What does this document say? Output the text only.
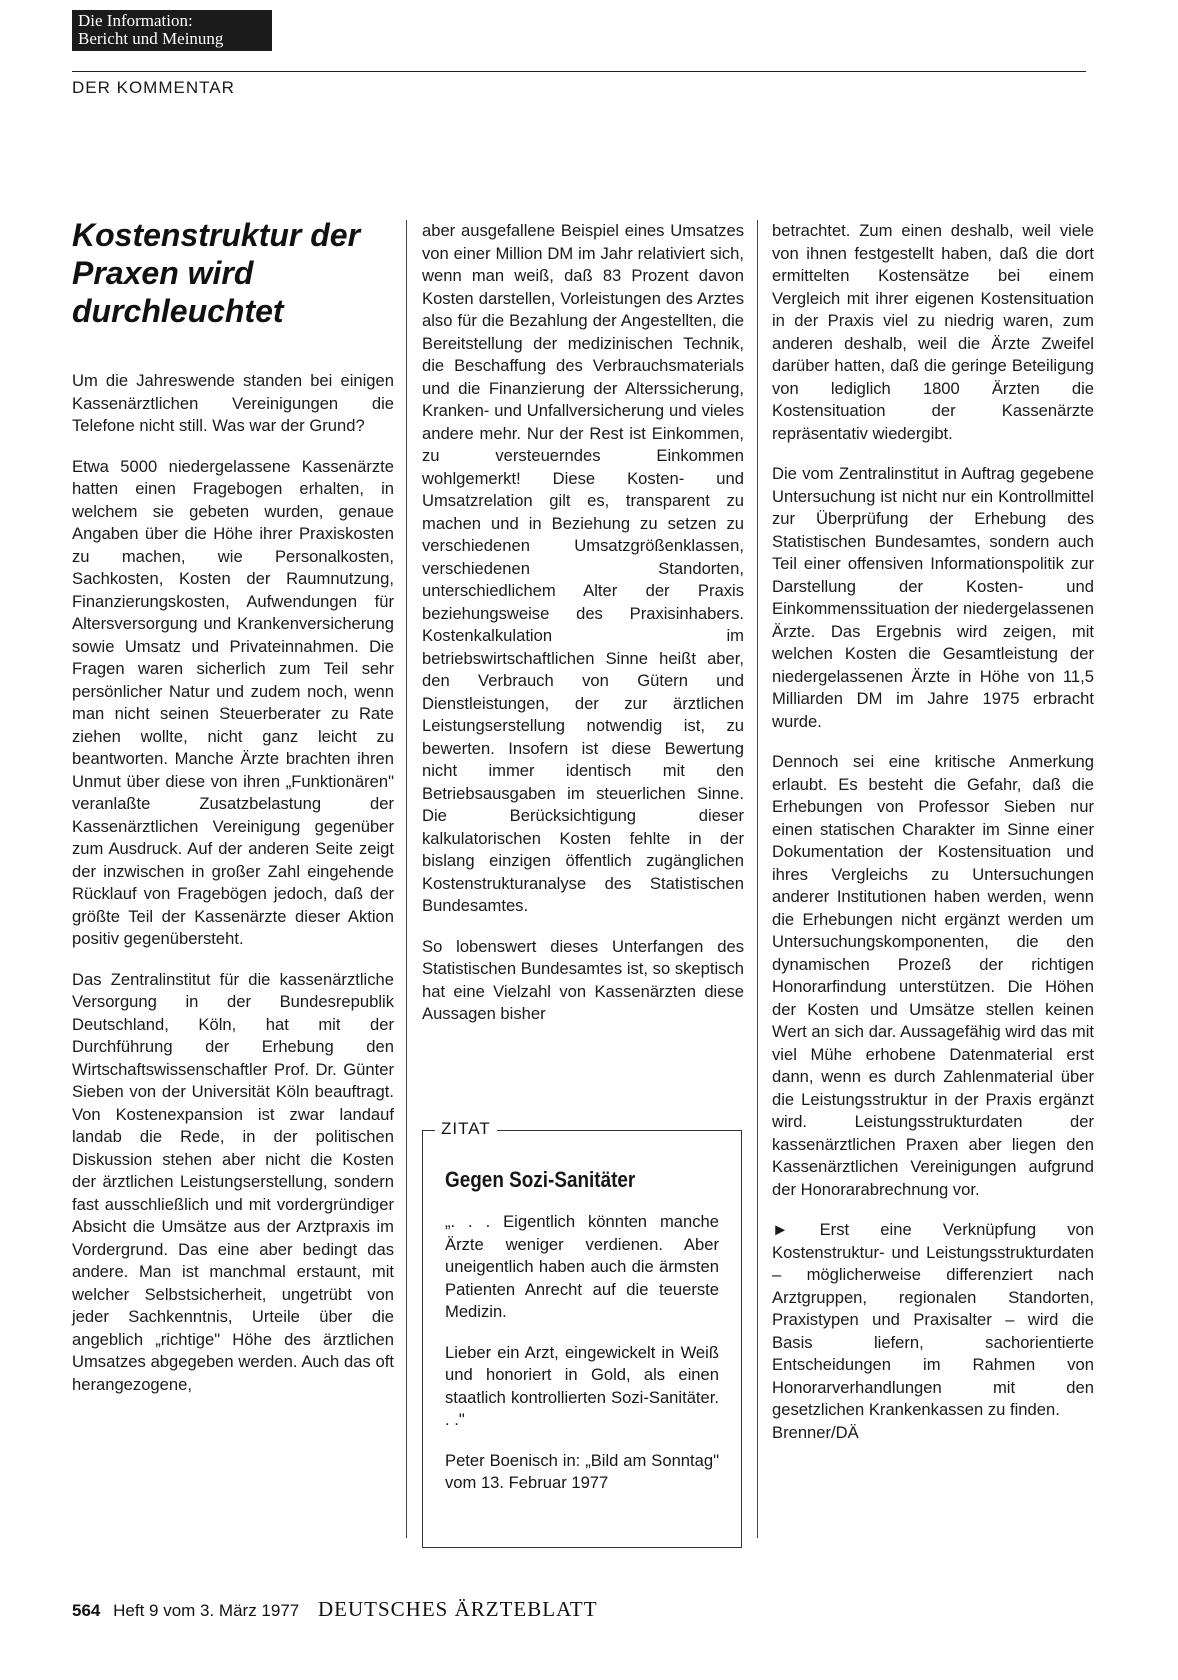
Die Information:
Bericht und Meinung
DER KOMMENTAR
Kostenstruktur der Praxen wird durchleuchtet

Um die Jahreswende standen bei einigen Kassenärztlichen Vereinigungen die Telefone nicht still. Was war der Grund?

Etwa 5000 niedergelassene Kassenärzte hatten einen Fragebogen erhalten, in welchem sie gebeten wurden, genaue Angaben über die Höhe ihrer Praxiskosten zu machen, wie Personalkosten, Sachkosten, Kosten der Raumnutzung, Finanzierungskosten, Aufwendungen für Altersversorgung und Krankenversicherung sowie Umsatz und Privateinnahmen. Die Fragen waren sicherlich zum Teil sehr persönlicher Natur und zudem noch, wenn man nicht seinen Steuerberater zu Rate ziehen wollte, nicht ganz leicht zu beantworten. Manche Ärzte brachten ihren Unmut über diese von ihren „Funktionären" veranlaßte Zusatzbelastung der Kassenärztlichen Vereinigung gegenüber zum Ausdruck. Auf der anderen Seite zeigt der inzwischen in großer Zahl eingehende Rücklauf von Fragebögen jedoch, daß der größte Teil der Kassenärzte dieser Aktion positiv gegenübersteht.

Das Zentralinstitut für die kassenärztliche Versorgung in der Bundesrepublik Deutschland, Köln, hat mit der Durchführung der Erhebung den Wirtschaftswissenschaftler Prof. Dr. Günter Sieben von der Universität Köln beauftragt. Von Kostenexpansion ist zwar landauf landab die Rede, in der politischen Diskussion stehen aber nicht die Kosten der ärztlichen Leistungserstellung, sondern fast ausschließlich und mit vordergründiger Absicht die Umsätze aus der Arztpraxis im Vordergrund. Das eine aber bedingt das andere. Man ist manchmal erstaunt, mit welcher Selbstsicherheit, ungetrübt von jeder Sachkenntnis, Urteile über die angeblich „richtige" Höhe des ärztlichen Umsatzes abgegeben werden. Auch das oft herangezogene,

aber ausgefallene Beispiel eines Umsatzes von einer Million DM im Jahr relativiert sich, wenn man weiß, daß 83 Prozent davon Kosten darstellen, Vorleistungen des Arztes also für die Bezahlung der Angestellten, die Bereitstellung der medizinischen Technik, die Beschaffung des Verbrauchsmaterials und die Finanzierung der Alterssicherung, Kranken- und Unfallversicherung und vieles andere mehr. Nur der Rest ist Einkommen, zu versteuerndes Einkommen wohlgemerkt! Diese Kosten- und Umsatzrelation gilt es, transparent zu machen und in Beziehung zu setzen zu verschiedenen Umsatzgrößenklassen, verschiedenen Standorten, unterschiedlichem Alter der Praxis beziehungsweise des Praxisinhabers. Kostenkalkulation im betriebswirtschaftlichen Sinne heißt aber, den Verbrauch von Gütern und Dienstleistungen, der zur ärztlichen Leistungserstellung notwendig ist, zu bewerten. Insofern ist diese Bewertung nicht immer identisch mit den Betriebsausgaben im steuerlichen Sinne. Die Berücksichtigung dieser kalkulatorischen Kosten fehlte in der bislang einzigen öffentlich zugänglichen Kostenstrukturanalyse des Statistischen Bundesamtes.

So lobenswert dieses Unterfangen des Statistischen Bundesamtes ist, so skeptisch hat eine Vielzahl von Kassenärzten diese Aussagen bisher

ZITAT
Gegen Sozi-Sanitäter

„. . . Eigentlich könnten manche Ärzte weniger verdienen. Aber uneigentlich haben auch die ärmsten Patienten Anrecht auf die teuerste Medizin.

Lieber ein Arzt, eingewickelt in Weiß und honoriert in Gold, als einen staatlich kontrollierten Sozi-Sanitäter. . ."

Peter Boenisch in: „Bild am Sonntag" vom 13. Februar 1977

betrachtet. Zum einen deshalb, weil viele von ihnen festgestellt haben, daß die dort ermittelten Kostensätze bei einem Vergleich mit ihrer eigenen Kostensituation in der Praxis viel zu niedrig waren, zum anderen deshalb, weil die Ärzte Zweifel darüber hatten, daß die geringe Beteiligung von lediglich 1800 Ärzten die Kostensituation der Kassenärzte repräsentativ wiedergibt.

Die vom Zentralinstitut in Auftrag gegebene Untersuchung ist nicht nur ein Kontrollmittel zur Überprüfung der Erhebung des Statistischen Bundesamtes, sondern auch Teil einer offensiven Informationspolitik zur Darstellung der Kosten- und Einkommenssituation der niedergelassenen Ärzte. Das Ergebnis wird zeigen, mit welchen Kosten die Gesamtleistung der niedergelassenen Ärzte in Höhe von 11,5 Milliarden DM im Jahre 1975 erbracht wurde.

Dennoch sei eine kritische Anmerkung erlaubt. Es besteht die Gefahr, daß die Erhebungen von Professor Sieben nur einen statischen Charakter im Sinne einer Dokumentation der Kostensituation und ihres Vergleichs zu Untersuchungen anderer Institutionen haben werden, wenn die Erhebungen nicht ergänzt werden um Untersuchungskomponenten, die den dynamischen Prozeß der richtigen Honorarfindung unterstützen. Die Höhen der Kosten und Umsätze stellen keinen Wert an sich dar. Aussagefähig wird das mit viel Mühe erhobene Datenmaterial erst dann, wenn es durch Zahlenmaterial über die Leistungsstruktur in der Praxis ergänzt wird. Leistungsstrukturdaten der kassenärztlichen Praxen aber liegen den Kassenärztlichen Vereinigungen aufgrund der Honorarabrechnung vor.

► Erst eine Verknüpfung von Kostenstruktur- und Leistungsstrukturdaten – möglicherweise differenziert nach Arztgruppen, regionalen Standorten, Praxistypen und Praxisalter – wird die Basis liefern, sachorientierte Entscheidungen im Rahmen von Honorarverhandlungen mit den gesetzlichen Krankenkassen zu finden.

Brenner/DÄ

564 Heft 9 vom 3. März 1977 DEUTSCHES ÄRZTEBLATT
